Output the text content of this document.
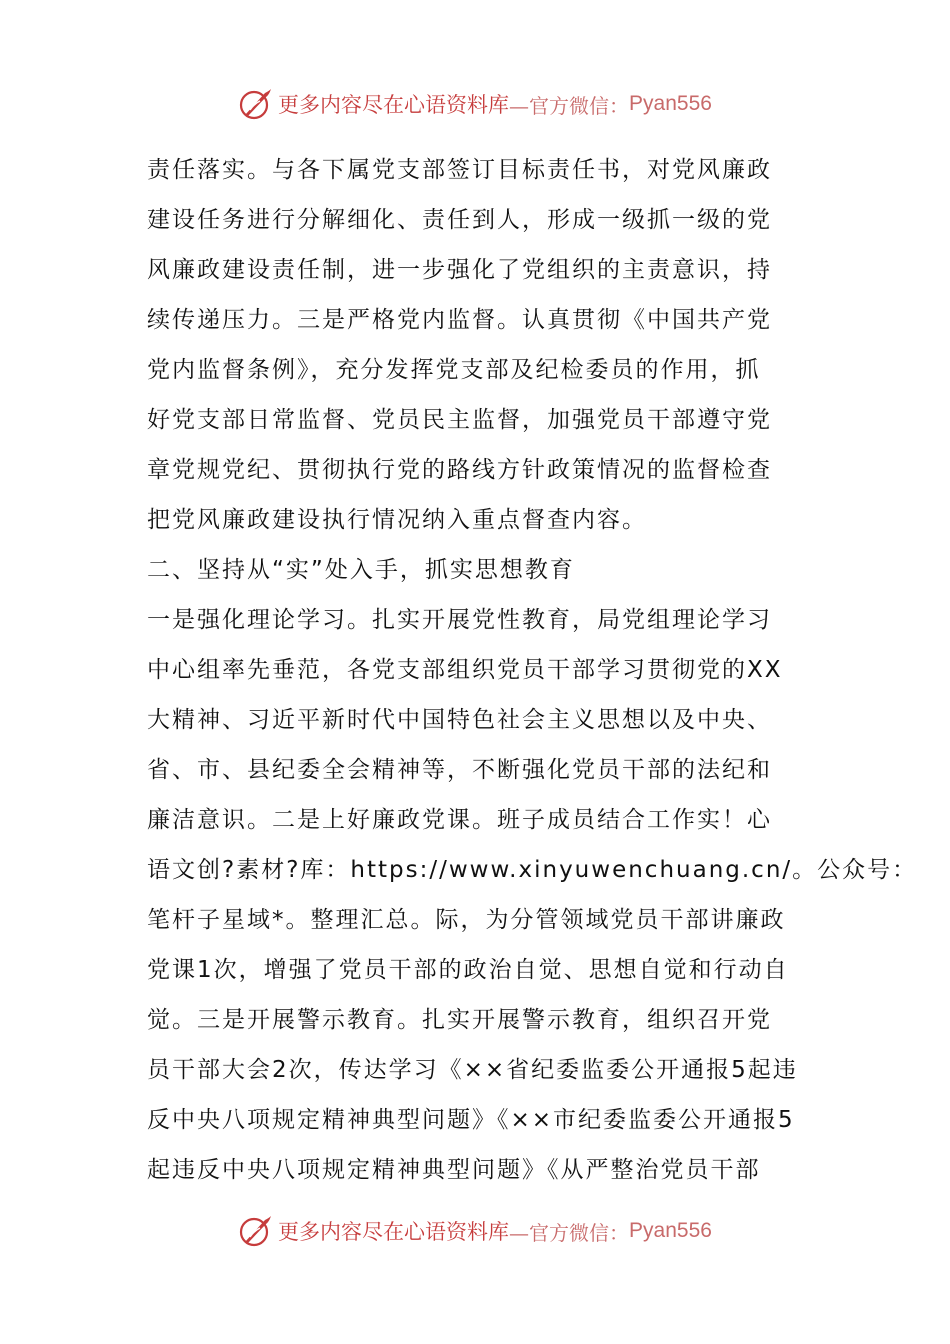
更多内容尽在心语资料库 —官方微信： Pyan556
责任落实。与各下属党支部签订目标责任书，对党风廉政
建设任务进行分解细化、责任到人，形成一级抓一级的党
风廉政建设责任制，进一步强化了党组织的主责意识，持
续传递压力。三是严格党内监督。认真贯彻《中国共产党
党内监督条例》，充分发挥党支部及纪检委员的作用，抓
好党支部日常监督、党员民主监督，加强党员干部遵守党
章党规党纪、贯彻执行党的路线方针政策情况的监督检查
把党风廉政建设执行情况纳入重点督查内容。
二、坚持从“实”处入手，抓实思想教育
一是强化理论学习。扎实开展党性教育，局党组理论学习
中心组率先垂范，各党支部组织党员干部学习贯彻党的XX
大精神、习近平新时代中国特色社会主义思想以及中央、
省、市、县纪委全会精神等，不断强化党员干部的法纪和
廉洁意识。二是上好廉政党课。班子成员结合工作实！心
语文创?素材?库：https://www.xinyuwenchuang.cn/。公众号：
笔杆子星域*。整理汇总。际，为分管领域党员干部讲廉政
党课1次，增强了党员干部的政治自觉、思想自觉和行动自
觉。三是开展警示教育。扎实开展警示教育，组织召开党
员干部大会2次，传达学习《××省纪委监委公开通报5起违
反中央八项规定精神典型问题》《××市纪委监委公开通报5
起违反中央八项规定精神典型问题》《从严整治党员干部
更多内容尽在心语资料库 —官方微信： Pyan556
